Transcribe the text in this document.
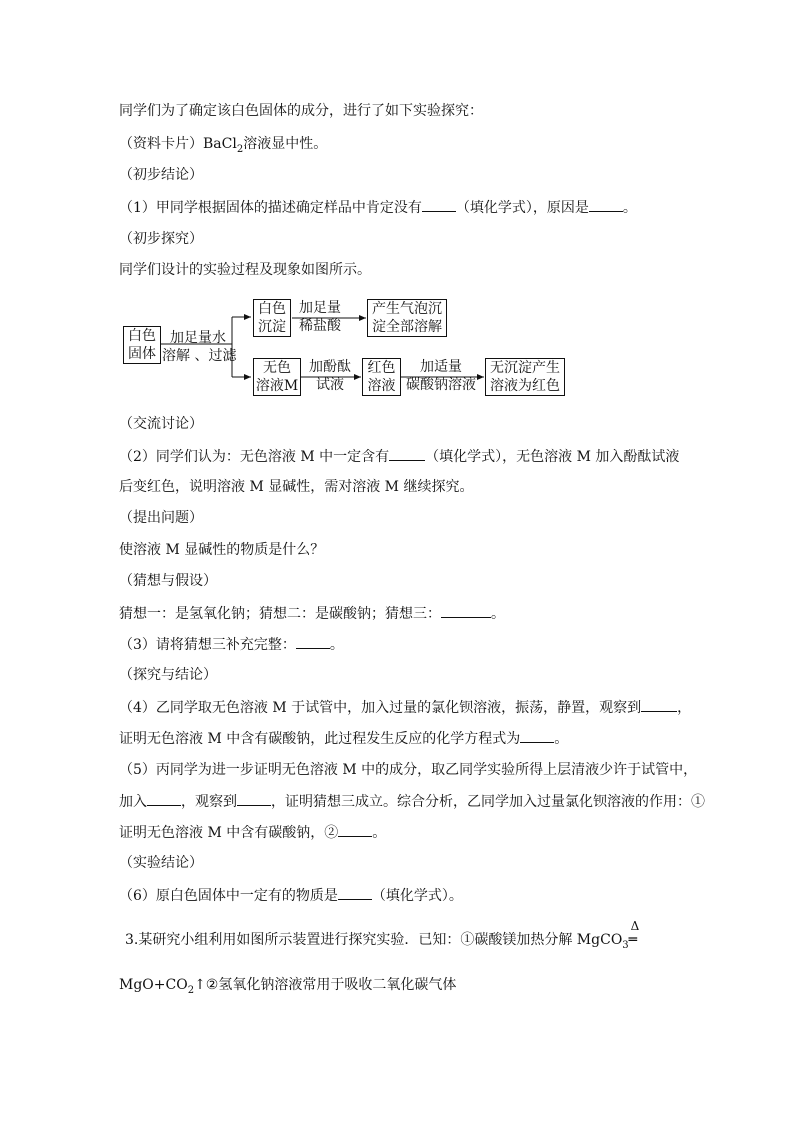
同学们为了确定该白色固体的成分，进行了如下实验探究：
（资料卡片）BaCl$_2$溶液显中性。
（初步结论）
（1）甲同学根据固体的描述确定样品中肯定没有 （填化学式），原因是 。
（初步探究）
同学们设计的实验过程及现象如图所示。
白色
固体
加足量水
溶解 、过滤
白色
沉淀
加足量
稀盐酸
产生气泡沉
淀全部溶解
无色
溶液M
加酚酞
试液
红色
溶液
加适量
碳酸钠溶液
无沉淀产生
溶液为红色
（交流讨论）
（2）同学们认为：无色溶液 M 中一定含有	（填化学式），无色溶液 M 加入酚酞试液
后变红色，说明溶液 M 显碱性，需对溶液 M 继续探究。
（提出问题）
使溶液 M 显碱性的物质是什么？
（猜想与假设）
猜想一：是氢氧化钠；猜想二：是碳酸钠；猜想三：	。
（3）请将猜想三补充完整： 。
（探究与结论）
（4）乙同学取无色溶液 M 于试管中，加入过量的氯化钡溶液，振荡，静置，观察到	，
证明无色溶液 M 中含有碳酸钠，此过程发生反应的化学方程式为 。
（5）丙同学为进一步证明无色溶液 M 中的成分，取乙同学实验所得上层清液少许于试管中，
加入 ，观察到 ，证明猜想三成立。综合分析，乙同学加入过量氯化钡溶液的作用：①
证明无色溶液 M 中含有碳酸钠，② 。
（实验结论）
（6）原白色固体中一定有的物质是 （填化学式）。
3.某研究小组利用如图所示装置进行探究实验．已知：①碳酸镁加热分解 MgCO$_3$
Δ
═
$MgO+CO_2↑②$氢氧化钠溶液常用于吸收二氧化碳气体
